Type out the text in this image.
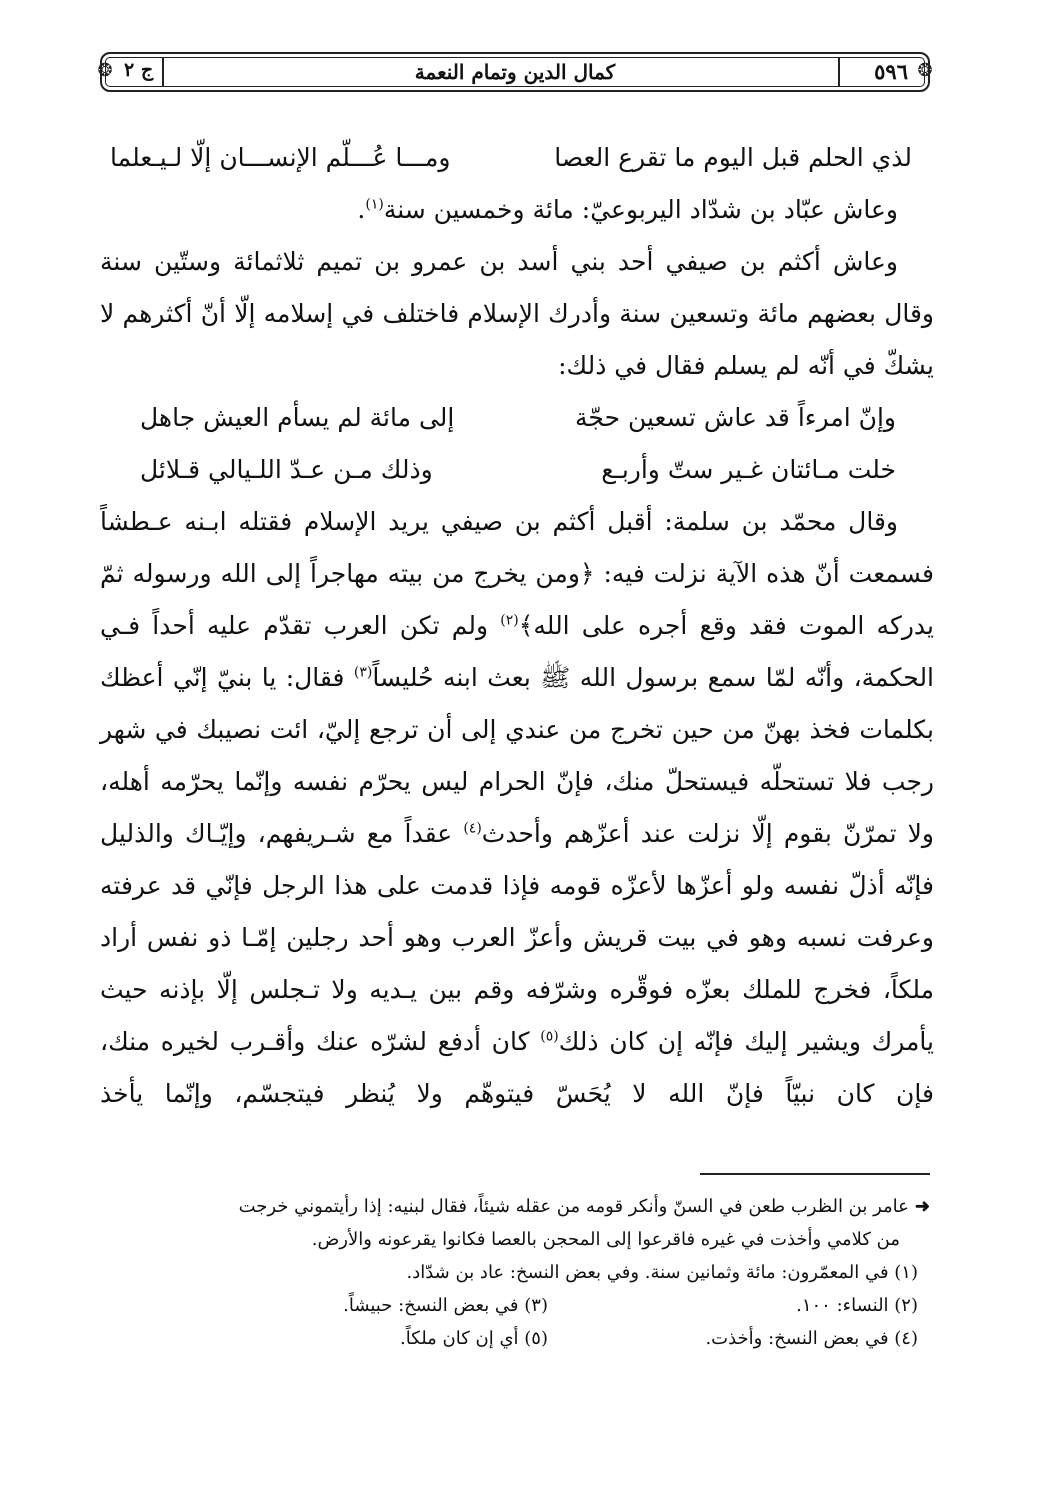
❂
❂	٥٩٦
كمال الدين وتمام النعمة
ج ٢
لذي الحلم قبل اليوم ما تقرع العصا
ومـــا عُـــلّم الإنســـان إلّا لـيـعلما

وعاش عبّاد بن شدّاد اليربوعيّ: مائة وخمسين سنة$^{(١)}$.

وعاش أكثم بن صيفي أحد بني أسد بن عمرو بن تميم ثلاثمائة وستّين سنة وقال بعضهم مائة وتسعين سنة وأدرك الإسلام فاختلف في إسلامه إلّا أنّ أكثرهم لا يشكّ في أنّه لم يسلم فقال في ذلك:

وإنّ امرءاً قد عاش تسعين حجّة
إلى مائة لم يسأم العيش جاهل
خلت مـائتان غـير ستّ وأربـع
وذلك مـن عـدّ اللـيالي قـلائل

وقال محمّد بن سلمة: أقبل أكثم بن صيفي يريد الإسلام فقتله ابـنه عـطشاً فسمعت أنّ هذه الآية نزلت فيه: ﴿ومن يخرج من بيته مهاجراً إلى الله ورسوله ثمّ يدركه الموت فقد وقع أجره على الله﴾$^{(٢)}$ ولم تكن العرب تقدّم عليه أحداً فـي الحكمة، وأنّه لمّا سمع برسول الله ﷺ بعث ابنه حُليساً$^{(٣)}$ فقال: يا بنيّ إنّي أعظك بكلمات فخذ بهنّ من حين تخرج من عندي إلى أن ترجع إليّ، ائت نصيبك في شهر رجب فلا تستحلّه فيستحلّ منك، فإنّ الحرام ليس يحرّم نفسه وإنّما يحرّمه أهله، ولا تمرّنّ بقوم إلّا نزلت عند أعزّهم وأحدث$^{(٤)}$ عقداً مع شـريفهم، وإيّـاك والذليل فإنّه أذلّ نفسه ولو أعزّها لأعزّه قومه فإذا قدمت على هذا الرجل فإنّي قد عرفته وعرفت نسبه وهو في بيت قريش وأعزّ العرب وهو أحد رجلين إمّـا ذو نفس أراد ملكاً، فخرج للملك بعزّه فوقّره وشرّفه وقم بين يـديه ولا تـجلس إلّا بإذنه حيث يأمرك ويشير إليك فإنّه إن كان ذلك$^{(٥)}$ كان أدفع لشرّه عنك وأقـرب لخيره منك، فإن كان نبيّاً فإنّ الله لا يُحَسّ فيتوهّم ولا يُنظر فيتجسّم، وإنّما يأخذ

➜عامر بن الظرب طعن في السنّ وأنكر قومه من عقله شيئاً، فقال لبنيه: إذا رأيتموني خرجت
من كلامي وأخذت في غيره فاقرعوا إلى المحجن بالعصا فكانوا يقرعونه والأرض.

(١) في المعمّرون: مائة وثمانين سنة. وفي بعض النسخ: عاد بن شدّاد.

(٢) النساء: ١٠٠.
(٣) في بعض النسخ: حبيشاً.
(٤) في بعض النسخ: وأخذت.
(٥) أي إن كان ملكاً.
